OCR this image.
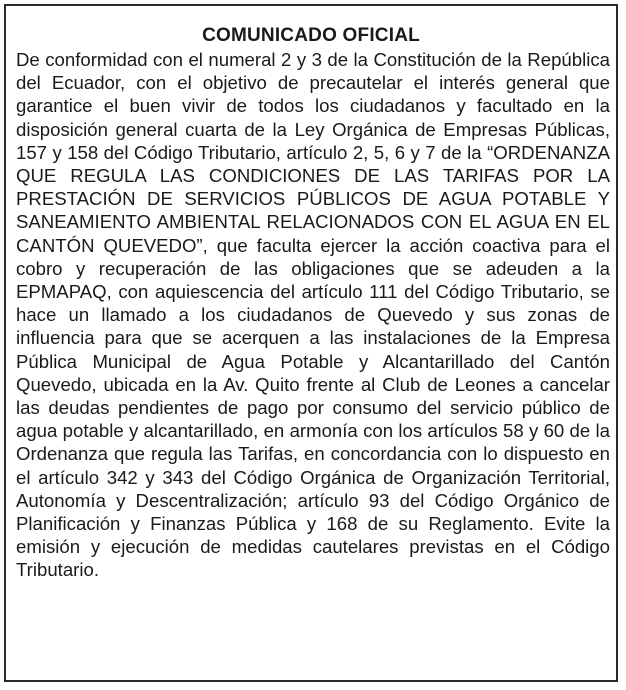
COMUNICADO OFICIAL

De conformidad con el numeral 2 y 3 de la Constitución de la República del Ecuador, con el objetivo de precautelar el interés general que garantice el buen vivir de todos los ciudadanos y facultado en la disposición general cuarta de la Ley Orgánica de Empresas Públicas, 157 y 158 del Código Tributario, artículo 2, 5, 6 y 7 de la “ORDENANZA QUE REGULA LAS CONDICIONES DE LAS TARIFAS POR LA PRESTACIÓN DE SERVICIOS PÚBLICOS DE AGUA POTABLE Y SANEAMIENTO AMBIENTAL RELACIONADOS CON EL AGUA EN EL CANTÓN QUEVEDO”, que faculta ejercer la acción coactiva para el cobro y recuperación de las obligaciones que se adeuden a la EPMAPAQ, con aquiescencia del artículo 111 del Código Tributario, se hace un llamado a los ciudadanos de Quevedo y sus zonas de influencia para que se acerquen a las instalaciones de la Empresa Pública Municipal de Agua Potable y Alcantarillado del Cantón Quevedo, ubicada en la Av. Quito frente al Club de Leones a cancelar las deudas pendientes de pago por consumo del servicio público de agua potable y alcantarillado, en armonía con los artículos 58 y 60 de la Ordenanza que regula las Tarifas, en concordancia con lo dispuesto en el artículo 342 y 343 del Código Orgánica de Organización Territorial, Autonomía y Descentralización; artículo 93 del Código Orgánico de Planificación y Finanzas Pública y 168 de su Reglamento. Evite la emisión y ejecución de medidas cautelares previstas en el Código Tributario.
